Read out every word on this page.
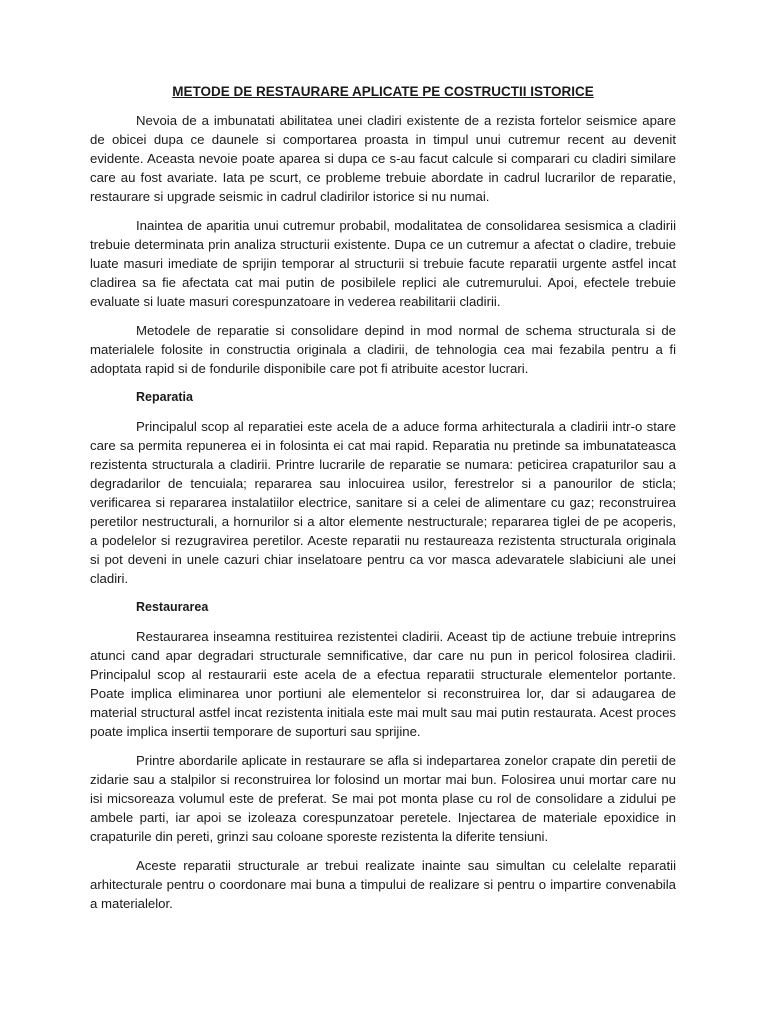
METODE DE RESTAURARE APLICATE PE COSTRUCTII ISTORICE

Nevoia de a imbunatati abilitatea unei cladiri existente de a rezista fortelor seismice apare de obicei dupa ce daunele si comportarea proasta in timpul unui cutremur recent au devenit evidente. Aceasta nevoie poate aparea si dupa ce s-au facut calcule si comparari cu cladiri similare care au fost avariate. Iata pe scurt, ce probleme trebuie abordate in cadrul lucrarilor de reparatie, restaurare si upgrade seismic in cadrul cladirilor istorice si nu numai.

Inaintea de aparitia unui cutremur probabil, modalitatea de consolidarea sesismica a cladirii trebuie determinata prin analiza structurii existente. Dupa ce un cutremur a afectat o cladire, trebuie luate masuri imediate de sprijin temporar al structurii si trebuie facute reparatii urgente astfel incat cladirea sa fie afectata cat mai putin de posibilele replici ale cutremurului. Apoi, efectele trebuie evaluate si luate masuri corespunzatoare in vederea reabilitarii cladirii.

Metodele de reparatie si consolidare depind in mod normal de schema structurala si de materialele folosite in constructia originala a cladirii, de tehnologia cea mai fezabila pentru a fi adoptata rapid si de fondurile disponibile care pot fi atribuite acestor lucrari.

Reparatia

Principalul scop al reparatiei este acela de a aduce forma arhitecturala a cladirii intr-o stare care sa permita repunerea ei in folosinta ei cat mai rapid. Reparatia nu pretinde sa imbunatateasca rezistenta structurala a cladirii. Printre lucrarile de reparatie se numara: peticirea crapaturilor sau a degradarilor de tencuiala; repararea sau inlocuirea usilor, ferestrelor si a panourilor de sticla; verificarea si repararea instalatiilor electrice, sanitare si a celei de alimentare cu gaz; reconstruirea peretilor nestructurali, a hornurilor si a altor elemente nestructurale; repararea tiglei de pe acoperis, a podelelor si rezugravirea peretilor. Aceste reparatii nu restaureaza rezistenta structurala originala si pot deveni in unele cazuri chiar inselatoare pentru ca vor masca adevaratele slabiciuni ale unei cladiri.

Restaurarea

Restaurarea inseamna restituirea rezistentei cladirii. Aceast tip de actiune trebuie intreprins atunci cand apar degradari structurale semnificative, dar care nu pun in pericol folosirea cladirii. Principalul scop al restaurarii este acela de a efectua reparatii structurale elementelor portante. Poate implica eliminarea unor portiuni ale elementelor si reconstruirea lor, dar si adaugarea de material structural astfel incat rezistenta initiala este mai mult sau mai putin restaurata. Acest proces poate implica insertii temporare de suporturi sau sprijine.

Printre abordarile aplicate in restaurare se afla si indepartarea zonelor crapate din peretii de zidarie sau a stalpilor si reconstruirea lor folosind un mortar mai bun. Folosirea unui mortar care nu isi micsoreaza volumul este de preferat. Se mai pot monta plase cu rol de consolidare a zidului pe ambele parti, iar apoi se izoleaza corespunzatoar peretele. Injectarea de materiale epoxidice in crapaturile din pereti, grinzi sau coloane sporeste rezistenta la diferite tensiuni.

Aceste reparatii structurale ar trebui realizate inainte sau simultan cu celelalte reparatii arhitecturale pentru o coordonare mai buna a timpului de realizare si pentru o impartire convenabila a materialelor.
